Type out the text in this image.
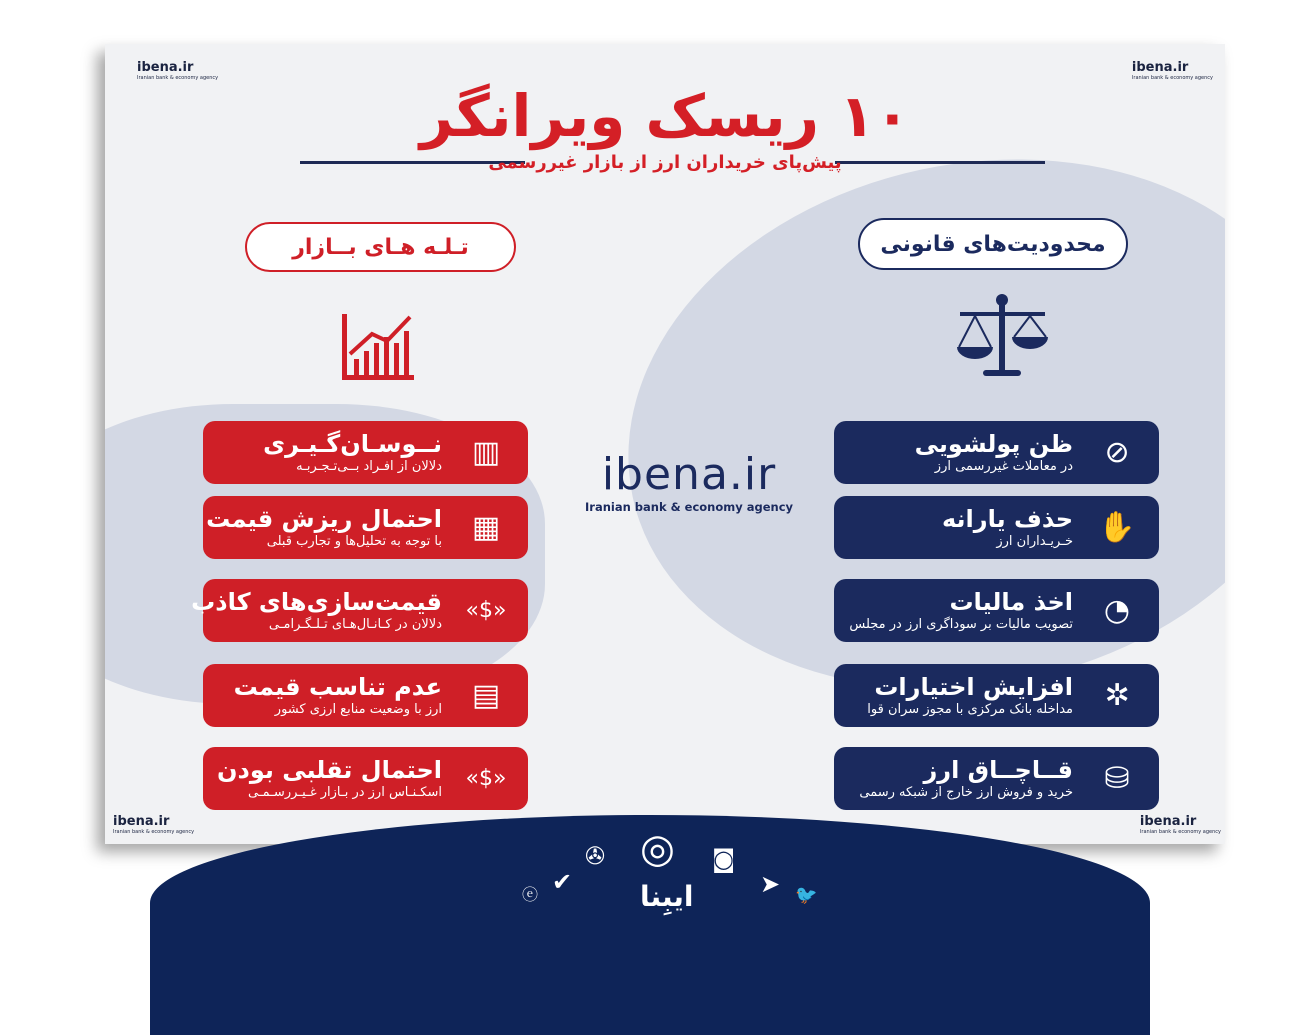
ibena.ir
Iranian bank & economy agency
ibena.ir
Iranian bank & economy agency
ibena.ir
Iranian bank & economy agency
ibena.ir
Iranian bank & economy agency
۱۰ ریسک ویرانگر
پیش‌پای خریداران ارز از بازار غیررسمی
تـلـه هـای بــازار	محدودیت‌های قانونی
ibena.ir
Iranian bank & economy agency
▥
نــوسـان‌گـیـری
دلالان از افـراد بــی‌تـجـربـه
▦
احتمال ریزش قیمت
با توجه به تحلیل‌ها و تجارب قبلی
«$»
قیمت‌سازی‌های کاذب
دلالان در کـانـال‌هـای تـلـگـرامـی
▤
عدم تناسب قیمت
ارز با وضعیت منابع ارزی کشور
«$»
احتمال تقلبی بودن
اسکـنـاس ارز در بـازار غـیـررسـمـی
⊘
ظن پولشویی
در معاملات غیررسمی ارز
✋
حذف یارانه
خـریـداران ارز
◔
اخذ مالیات
تصویب مالیات بر سوداگری ارز در مجلس
✲
افزایش اختیارات
مداخله بانک مرکزی با مجوز سران قوا
⛁
قــاچــاق ارز
خرید و فروش ارز خارج از شبکه رسمی
ⓔ ✔
✇ ◎
ایبِنا
◙
➤ 🐦
